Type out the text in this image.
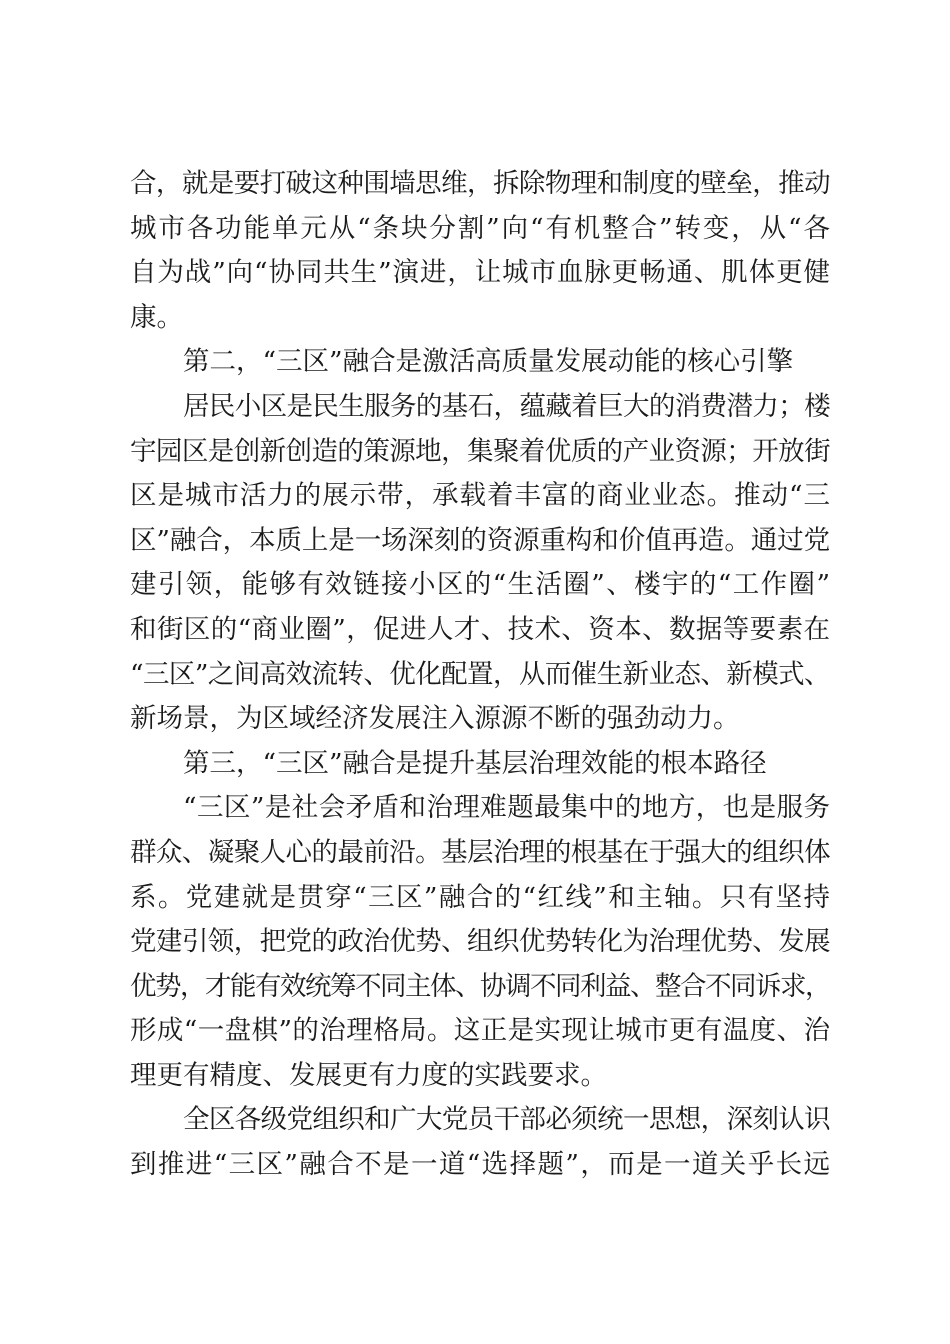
合，就是要打破这种围墙思维，拆除物理和制度的壁垒，推动
城市各功能单元从“条块分割”向“有机整合”转变，从“各
自为战”向“协同共生”演进，让城市血脉更畅通、肌体更健
康。
第二，“三区”融合是激活高质量发展动能的核心引擎
居民小区是民生服务的基石，蕴藏着巨大的消费潜力；楼
宇园区是创新创造的策源地，集聚着优质的产业资源；开放街
区是城市活力的展示带，承载着丰富的商业业态。推动“三
区”融合，本质上是一场深刻的资源重构和价值再造。通过党
建引领，能够有效链接小区的“生活圈”、楼宇的“工作圈”
和街区的“商业圈”，促进人才、技术、资本、数据等要素在
“三区”之间高效流转、优化配置，从而催生新业态、新模式、
新场景，为区域经济发展注入源源不断的强劲动力。
第三，“三区”融合是提升基层治理效能的根本路径
“三区”是社会矛盾和治理难题最集中的地方，也是服务
群众、凝聚人心的最前沿。基层治理的根基在于强大的组织体
系。党建就是贯穿“三区”融合的“红线”和主轴。只有坚持
党建引领，把党的政治优势、组织优势转化为治理优势、发展
优势，才能有效统筹不同主体、协调不同利益、整合不同诉求，
形成“一盘棋”的治理格局。这正是实现让城市更有温度、治
理更有精度、发展更有力度的实践要求。
全区各级党组织和广大党员干部必须统一思想，深刻认识
到推进“三区”融合不是一道“选择题”，而是一道关乎长远
